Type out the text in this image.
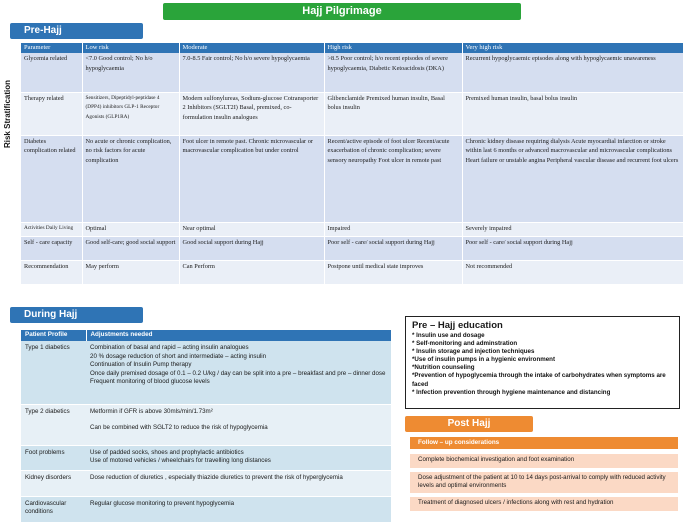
Hajj Pilgrimage
Pre-Hajj
Risk Stratification
Parameter	Low risk	Moderate	High risk	Very high risk
Glycemia related	<7.0 Good control; No h/o hypoglycaemia	7.0-8.5 Fair control; No h/o severe hypoglycaemia	>8.5 Poor control; h/o recent episodes of severe hypoglycaemia, Diabetic Ketoacidosis (DKA)	Recurrent hypoglycaemic episodes along with hypoglycaemic unawareness
Therapy related	Sensitizers, Dipeptidyl-peptidase 4 (DPP4) inhibitors GLP-1 Receptor Agonists (GLP1RA)	Modern sulfonylureas, Sodium-glucose Cotransporter 2 Inhibitors (SGLT2I) Basal, premixed, co-formulation insulin analogues	Glibenclamide Premixed human insulin, Basal bolus insulin	Premixed human insulin, basal bolus insulin
Diabetes complication related	No acute or chronic complication, no risk factors for acute complication	Foot ulcer in remote past. Chronic microvascular or macrovascular complication but under control	Recent/active episode of foot ulcer Recent/acute exacerbation of chronic complication; severe sensory neuropathy Foot ulcer in remote past	Chronic kidney disease requiring dialysis Acute myocardial infarction or stroke within last 6 months or advanced macrovascular and microvascular complications Heart failure or unstable angina Peripheral vascular disease and recurrent foot ulcers
Activities Daily Living	Optimal	Near optimal	Impaired	Severely impaired
Self - care capacity	Good self-care; good social support	Good social support during Hajj	Poor self - care/ social support during Hajj	Poor self - care/ social support during Hajj
Recommendation	May perform	Can Perform	Postpone until medical state improves	Not recommended
During Hajj
Patient Profile	Adjustments needed
Type 1 diabetics	Combination of basal and rapid – acting insulin analogues
20 % dosage reduction of short and intermediate – acting insulin
Continuation of Insulin Pump therapy
Once daily premixed dosage of 0.1 – 0.2 U/kg / day can be split into a pre – breakfast and pre – dinner dose
Frequent monitoring of blood glucose levels

Type 2 diabetics	Metformin if GFR is above 30mls/min/1.73m²
Can be combined with SGLT2 to reduce the risk of hypoglycemia

Foot problems	Use of padded socks, shoes and prophylactic antibiotics
Use of motored vehicles / wheelchairs for travelling long distances

Kidney disorders	Dose reduction of diuretics , especially thiazide diuretics to prevent the risk of hyperglycemia

Cardiovascular conditions	Regular glucose monitoring to prevent hypoglycemia
Pre – Hajj education
* Insulin use and dosage
* Self-monitoring and adminstration
* Insulin storage and injection techniques
*Use of insulin pumps in a hygienic environment
*Nutrition counseling
*Prevention of hypoglycemia through the intake of carbohydrates when symptoms are faced
* Infection prevention through hygiene maintenance and distancing
Post Hajj
Follow – up considerations
Complete biochemical investigation and foot examination
Dose adjustment of the patient at 10 to 14 days post-arrival to comply with reduced activity levels and optimal environments
Treatment of diagnosed ulcers / infections along with rest and hydration
